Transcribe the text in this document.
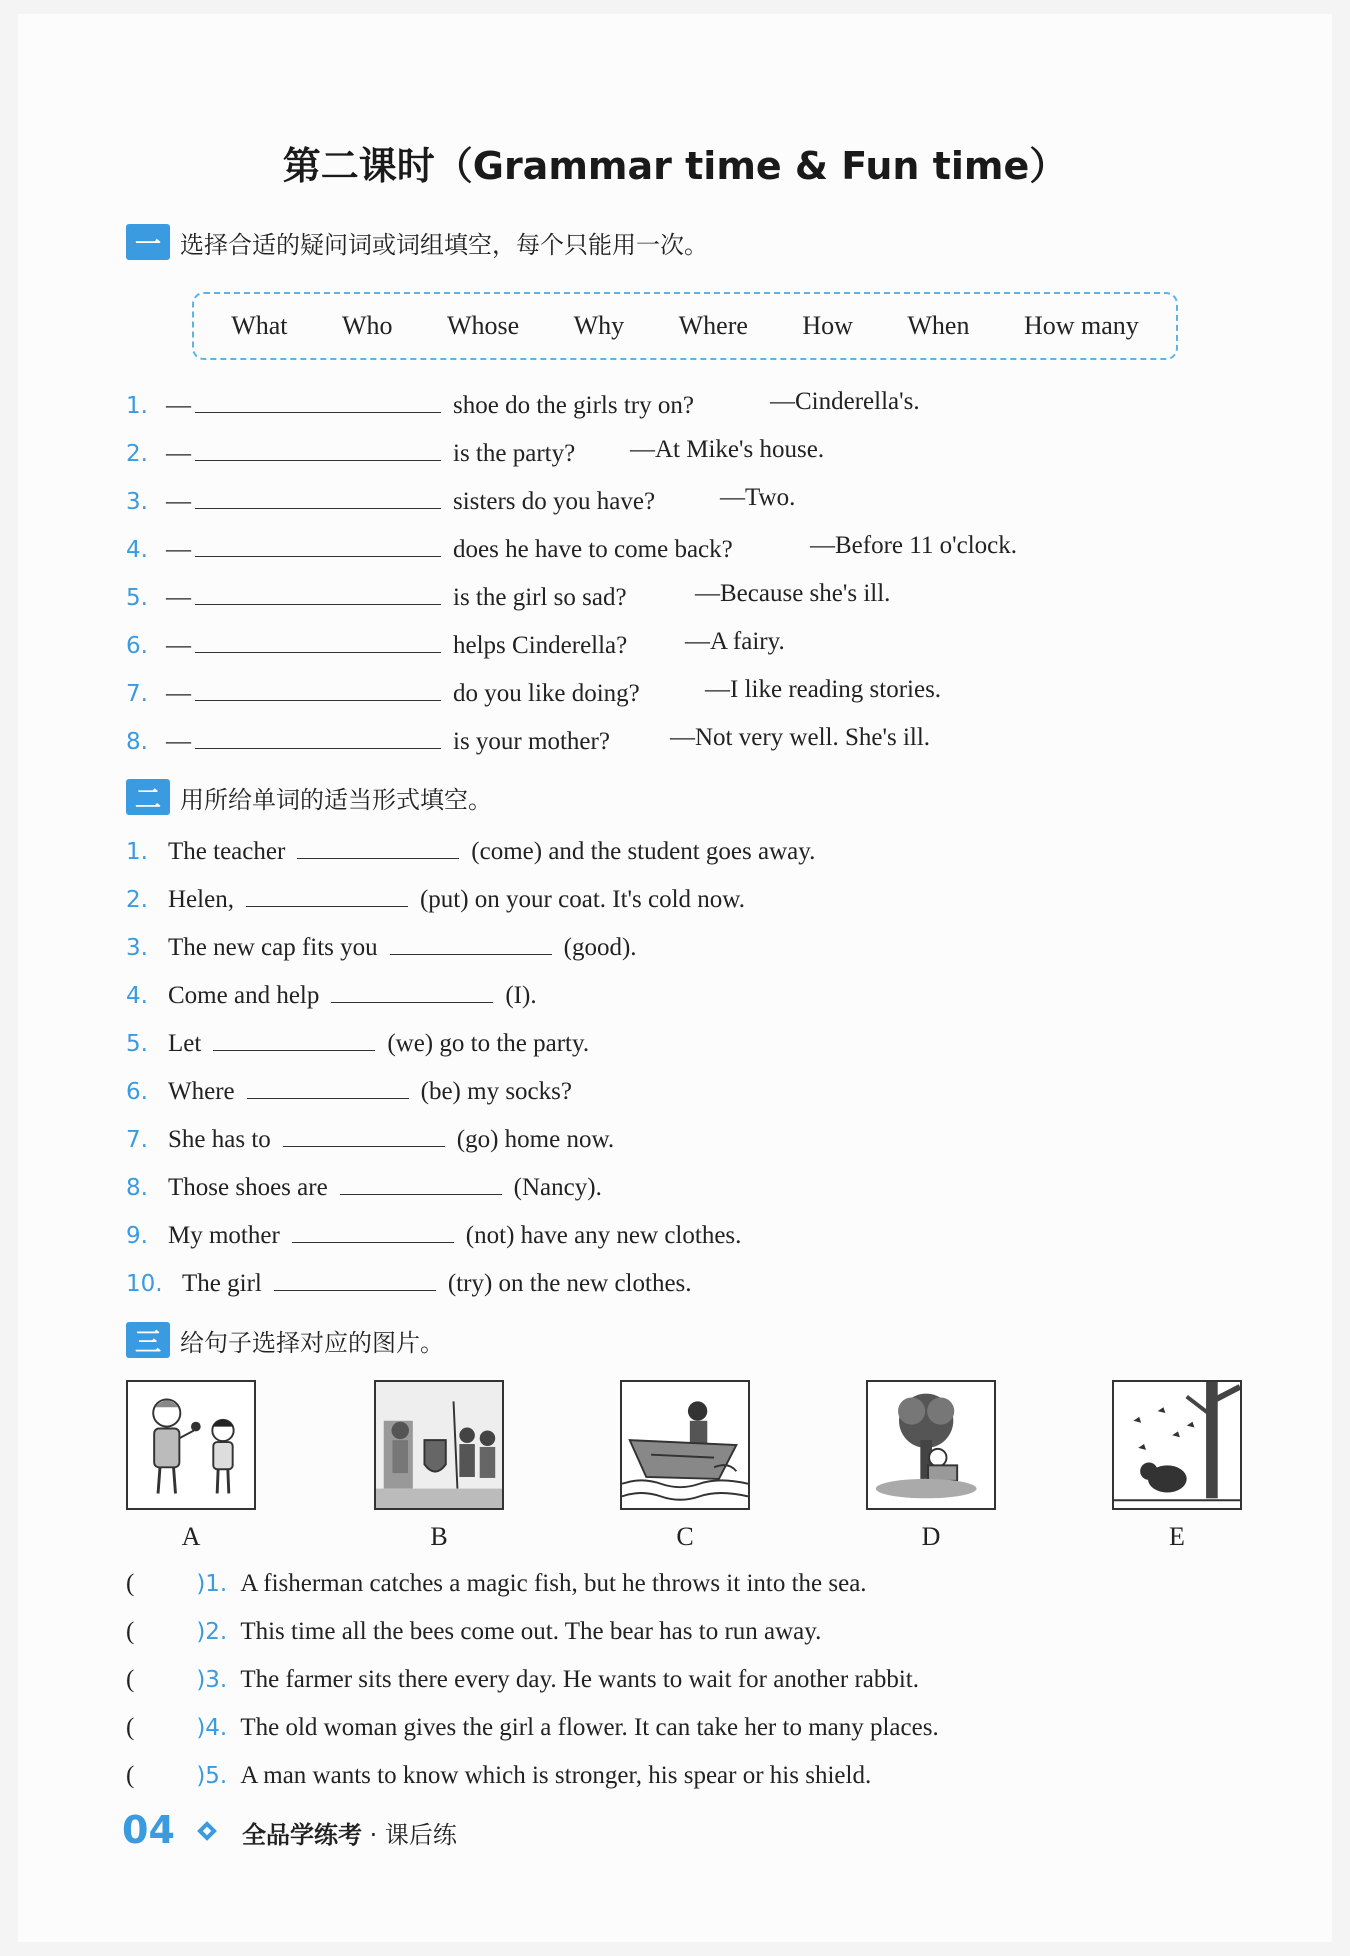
第二课时（Grammar time & Fun time）
一 选择合适的疑问词或词组填空，每个只能用一次。
What Who Whose Why Where How When How many
1. —	shoe do the girls try on?	—Cinderella's.
2. —	is the party? —At Mike's house.
3. —	sisters do you have?	—Two.
4. —	does he have to come back?	—Before 11 o'clock.
5. —	is the girl so sad?	—Because she's ill.
6. —	helps Cinderella? —A fairy.
7. —	do you like doing?	—I like reading stories.
8. —	is your mother? —Not very well. She's ill.
二 用所给单词的适当形式填空。
1. The teacher	(come) and the student goes away.
2. Helen,	(put) on your coat. It's cold now.
3. The new cap fits you	(good).
4. Come and help	(I).
5. Let	(we) go to the party.
6. Where	(be) my socks?
7. She has to	(go) home now.
8. Those shoes are	(Nancy).
9. My mother	(not) have any new clothes.
10. The girl	(try) on the new clothes.
三 给句子选择对应的图片。
A	B	C	D	E
(	)1. A fisherman catches a magic fish, but he throws it into the sea.
(	)2. This time all the bees come out. The bear has to run away.
(	)3. The farmer sits there every day. He wants to wait for another rabbit.
(	)4. The old woman gives the girl a flower. It can take her to many places.
(	)5. A man wants to know which is stronger, his spear or his shield.
04	全品学练考 · 课后练
